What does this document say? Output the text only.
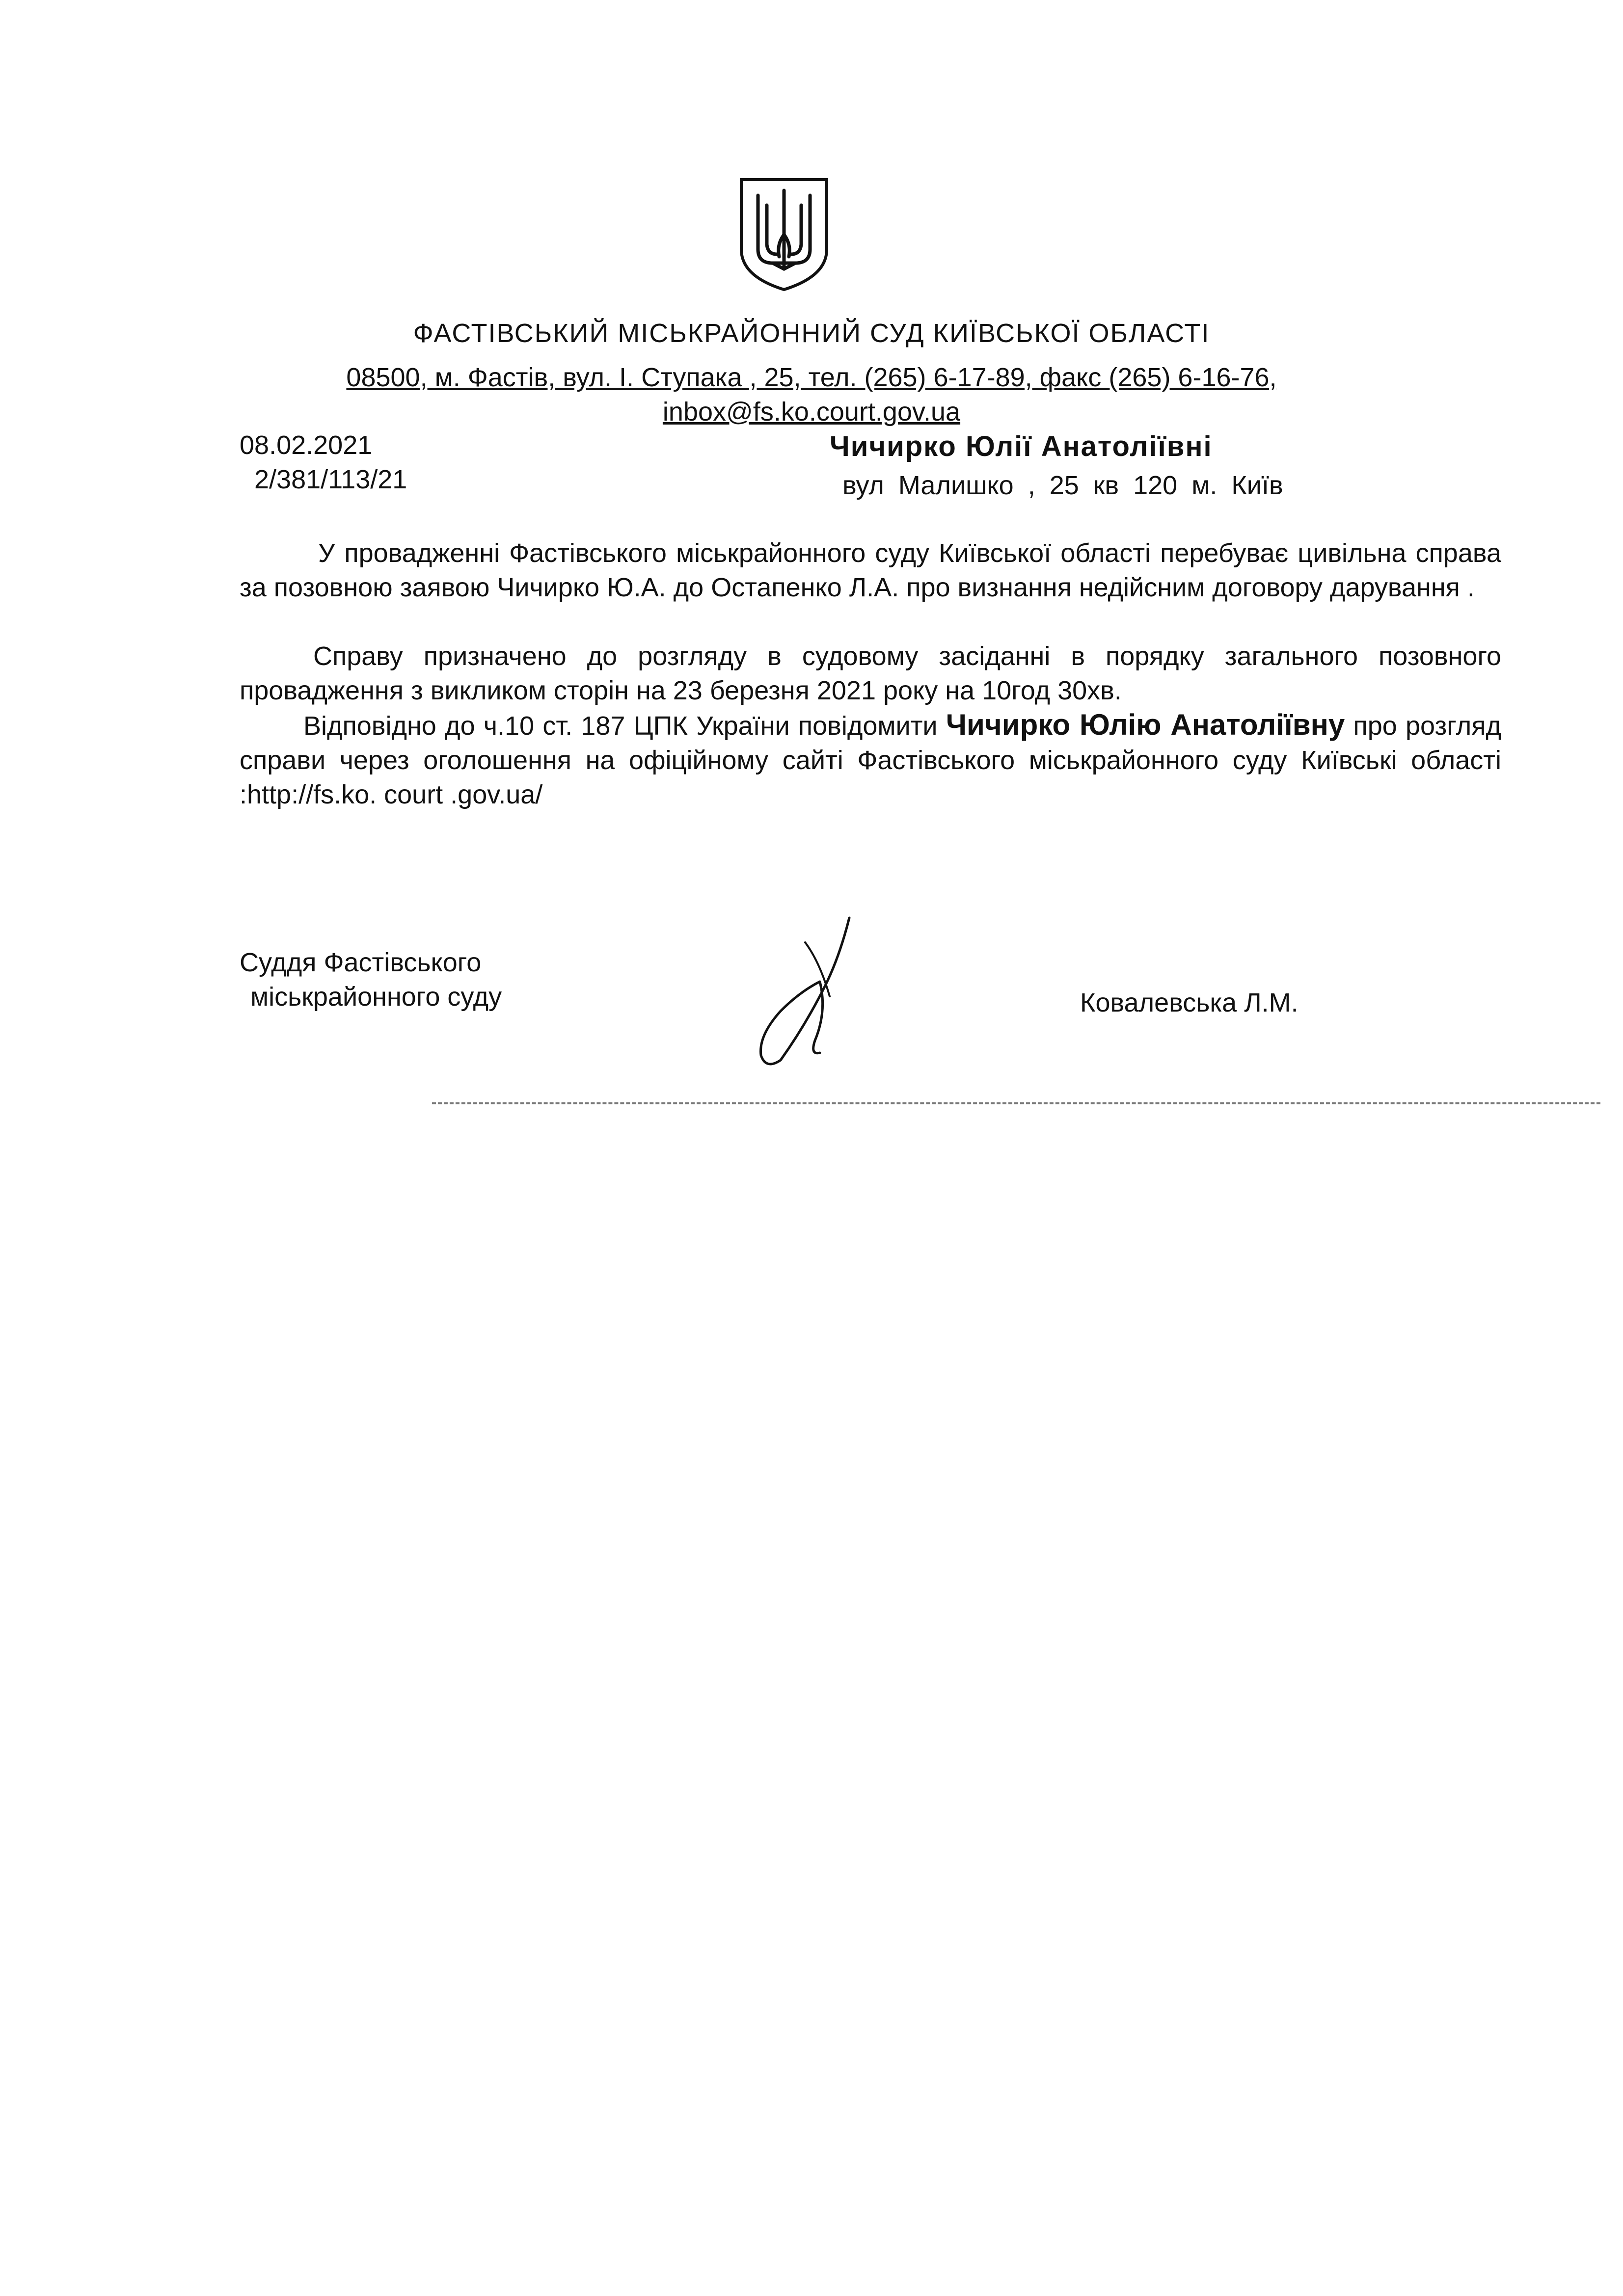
ФАСТІВСЬКИЙ МІСЬКРАЙОННИЙ СУД КИЇВСЬКОЇ ОБЛАСТІ
08500, м. Фастів, вул. І. Ступака , 25, тел. (265) 6-17-89, факс (265) 6-16-76,
inbox@fs.ko.court.gov.ua
08.02.2021
2/381/113/21
Чичирко Юлії Анатоліївні
вул Малишко , 25 кв 120 м. Київ
У провадженні Фастівського міськрайонного суду Київської області перебуває цивільна справа за позовною заявою Чичирко Ю.А. до Остапенко Л.А. про визнання недійсним договору дарування .
Справу призначено до розгляду в судовому засіданні в порядку загального позовного провадження з викликом сторін на 23 березня 2021 року на 10год 30хв.
Відповідно до ч.10 ст. 187 ЦПК України повідомити Чичирко Юлію Анатоліївну про розгляд справи через оголошення на офіційному сайті Фастівського міськрайонного суду Київські області :http://fs.ko. court .gov.ua/
Суддя Фастівського
міськрайонного суду	Ковалевська Л.М.
